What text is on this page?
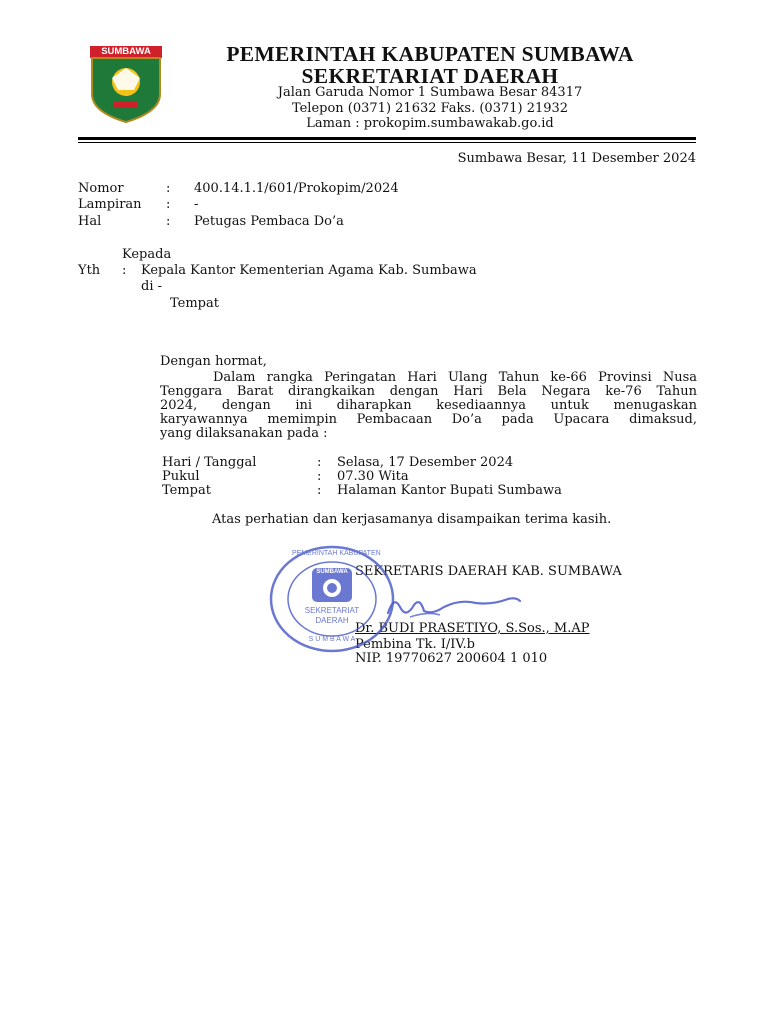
SUMBAWA	PEMERINTAH KABUPATEN SUMBAWA
SEKRETARIAT DAERAH
Jalan Garuda Nomor 1 Sumbawa Besar 84317
Telepon (0371) 21632 Faks. (0371) 21932
Laman : prokopim.sumbawakab.go.id
Sumbawa Besar, 11 Desember 2024
Nomor	: 400.14.1.1/601/Prokopim/2024
Lampiran : -
Hal	: Petugas Pembaca Do’a
Kepada
Yth : Kepala Kantor Kementerian Agama Kab. Sumbawa
di -
Tempat
Dengan hormat,
Dalam rangka Peringatan Hari Ulang Tahun ke-66 Provinsi Nusa
Tenggara Barat dirangkaikan dengan Hari Bela Negara ke-76 Tahun
2024, dengan ini diharapkan kesediaannya untuk menugaskan
karyawannya memimpin Pembacaan Do’a pada Upacara dimaksud,
yang dilaksanakan pada :
Hari / Tanggal	: Selasa, 17 Desember 2024
Pukul	: 07.30 Wita
Tempat	: Halaman Kantor Bupati Sumbawa
Atas perhatian dan kerjasamanya disampaikan terima kasih.
SEKRETARIS DAERAH KAB. SUMBAWA
Dr. BUDI PRASETIYO, S.Sos., M.AP
Pembina Tk. I/IV.b
NIP. 19770627 200604 1 010
PEMERINTAH KABUPATEN
SUMBAWA
SEKRETARIAT
DAERAH
S U M B A W A
